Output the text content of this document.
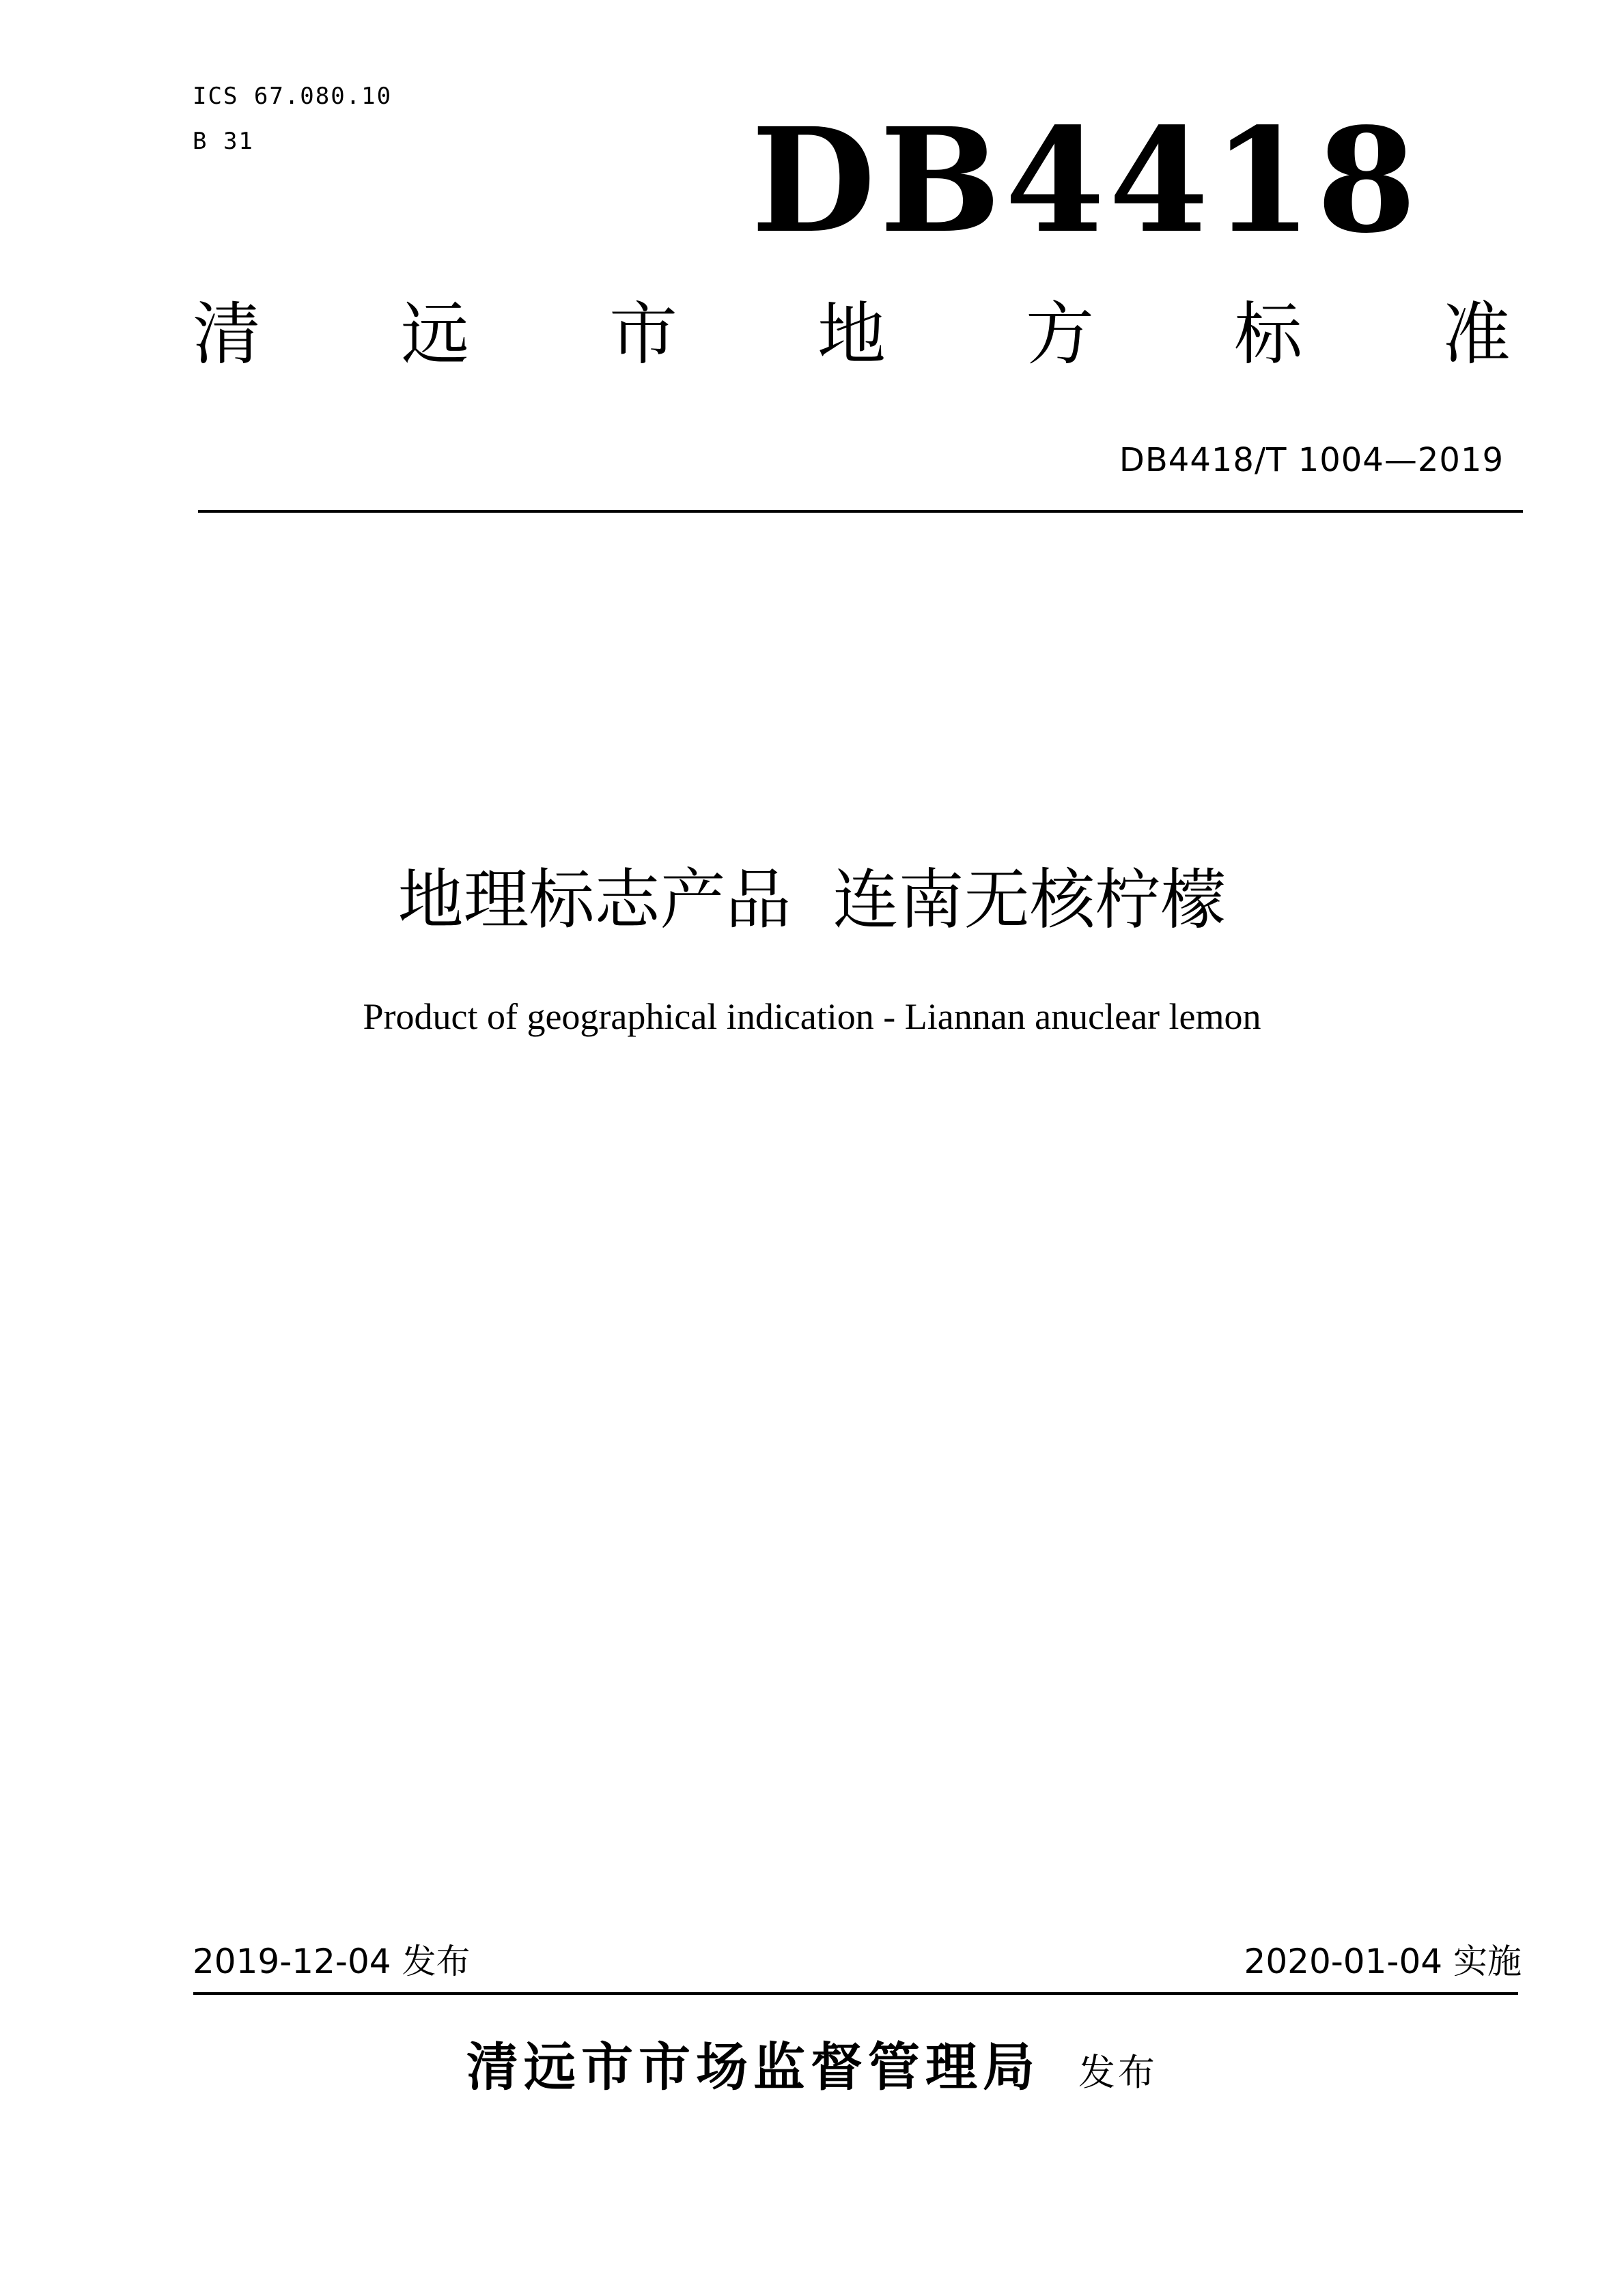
ICS 67.080.10
B 31	DB4418
清 远 市 地 方 标 准
DB4418/T 1004—2019
地理标志产品  连南无核柠檬
Product of geographical indication - Liannan anuclear lemon
2019-12-04 发布	2020-01-04 实施
清远市市场监督管理局 发布
